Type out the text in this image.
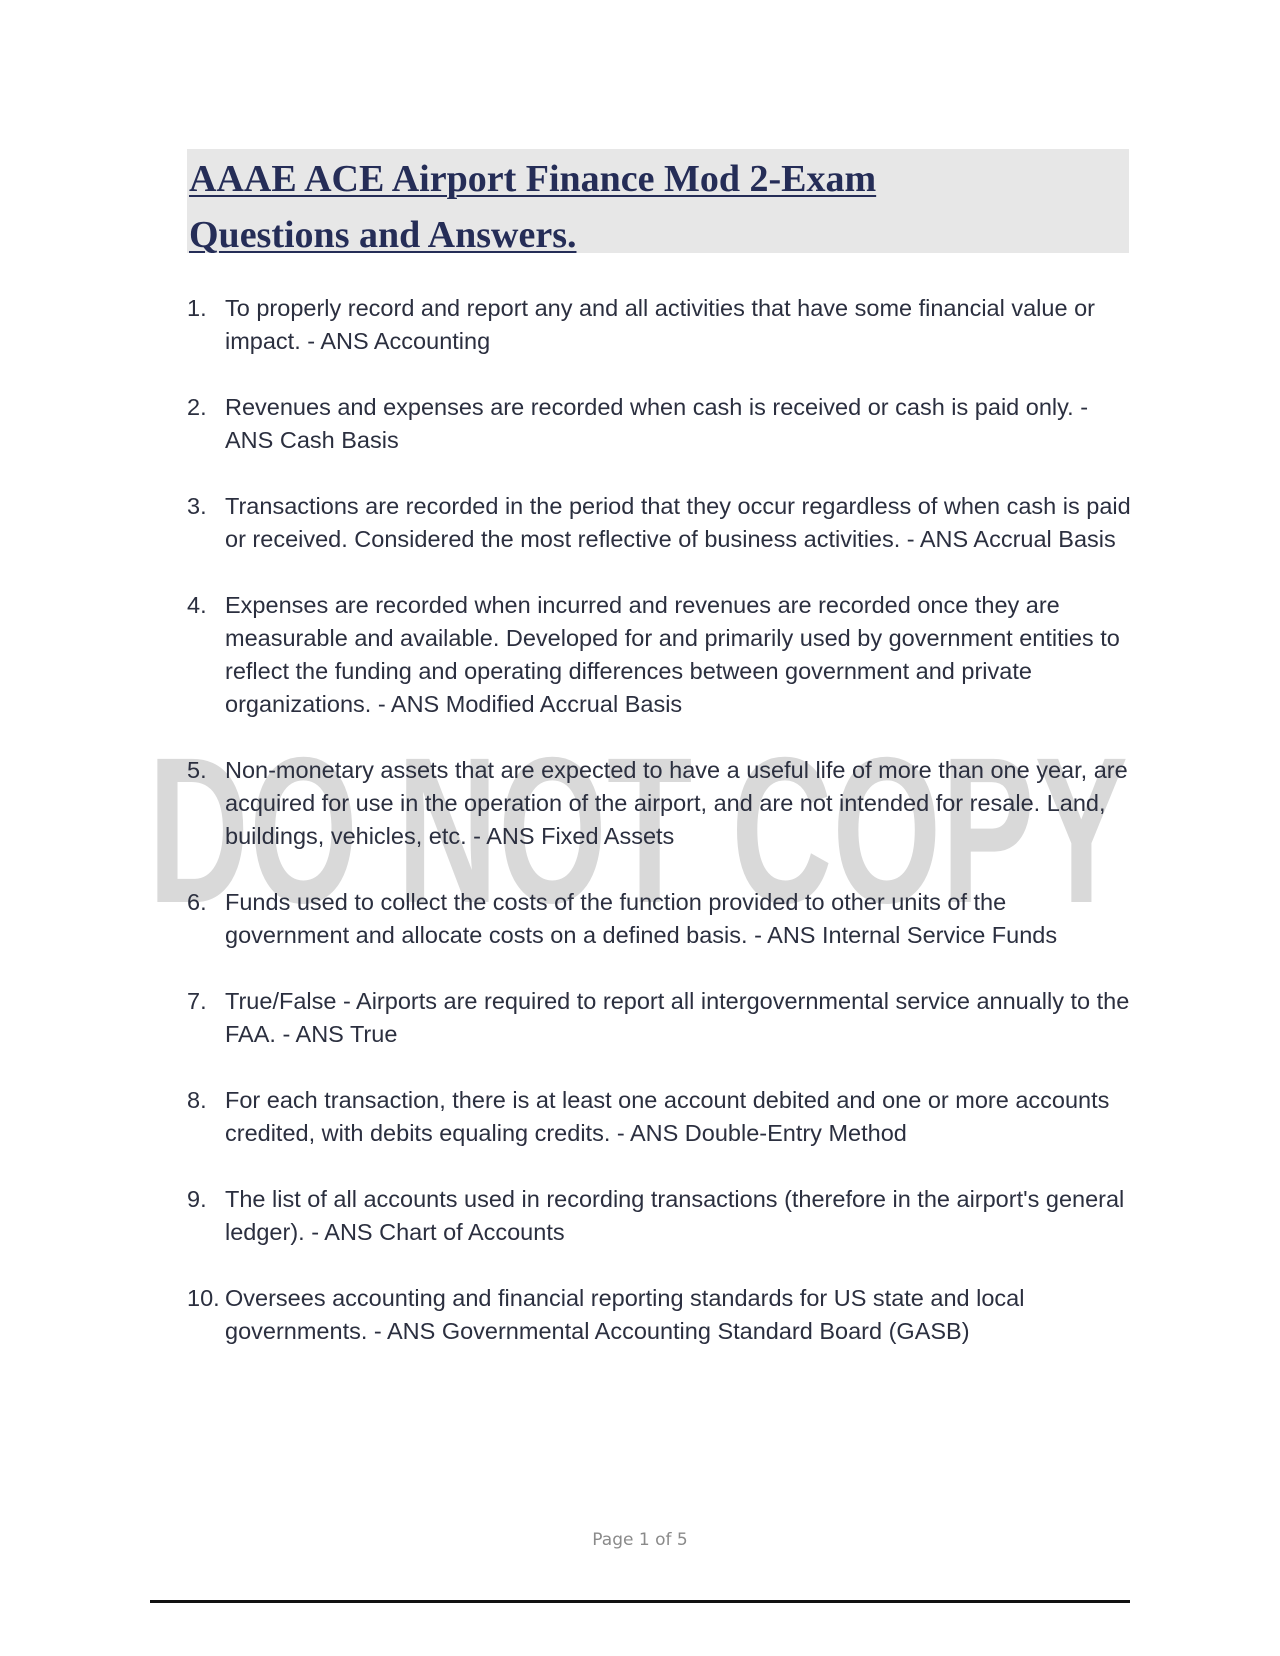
DO NOT COPY
AAAE ACE Airport Finance Mod 2-Exam
Questions and Answers.
1. To properly record and report any and all activities that have some financial value or impact. - ANS Accounting
2. Revenues and expenses are recorded when cash is received or cash is paid only. - ANS Cash Basis
3. Transactions are recorded in the period that they occur regardless of when cash is paid or received. Considered the most reflective of business activities. - ANS Accrual Basis
4. Expenses are recorded when incurred and revenues are recorded once they are measurable and available. Developed for and primarily used by government entities to reflect the funding and operating differences between government and private organizations. - ANS Modified Accrual Basis
5. Non-monetary assets that are expected to have a useful life of more than one year, are acquired for use in the operation of the airport, and are not intended for resale. Land, buildings, vehicles, etc. - ANS Fixed Assets
6. Funds used to collect the costs of the function provided to other units of the government and allocate costs on a defined basis. - ANS Internal Service Funds
7. True/False - Airports are required to report all intergovernmental service annually to the FAA. - ANS True
8. For each transaction, there is at least one account debited and one or more accounts credited, with debits equaling credits. - ANS Double-Entry Method
9. The list of all accounts used in recording transactions (therefore in the airport's general ledger). - ANS Chart of Accounts
10. Oversees accounting and financial reporting standards for US state and local governments. - ANS Governmental Accounting Standard Board (GASB)
Page 1 of 5
